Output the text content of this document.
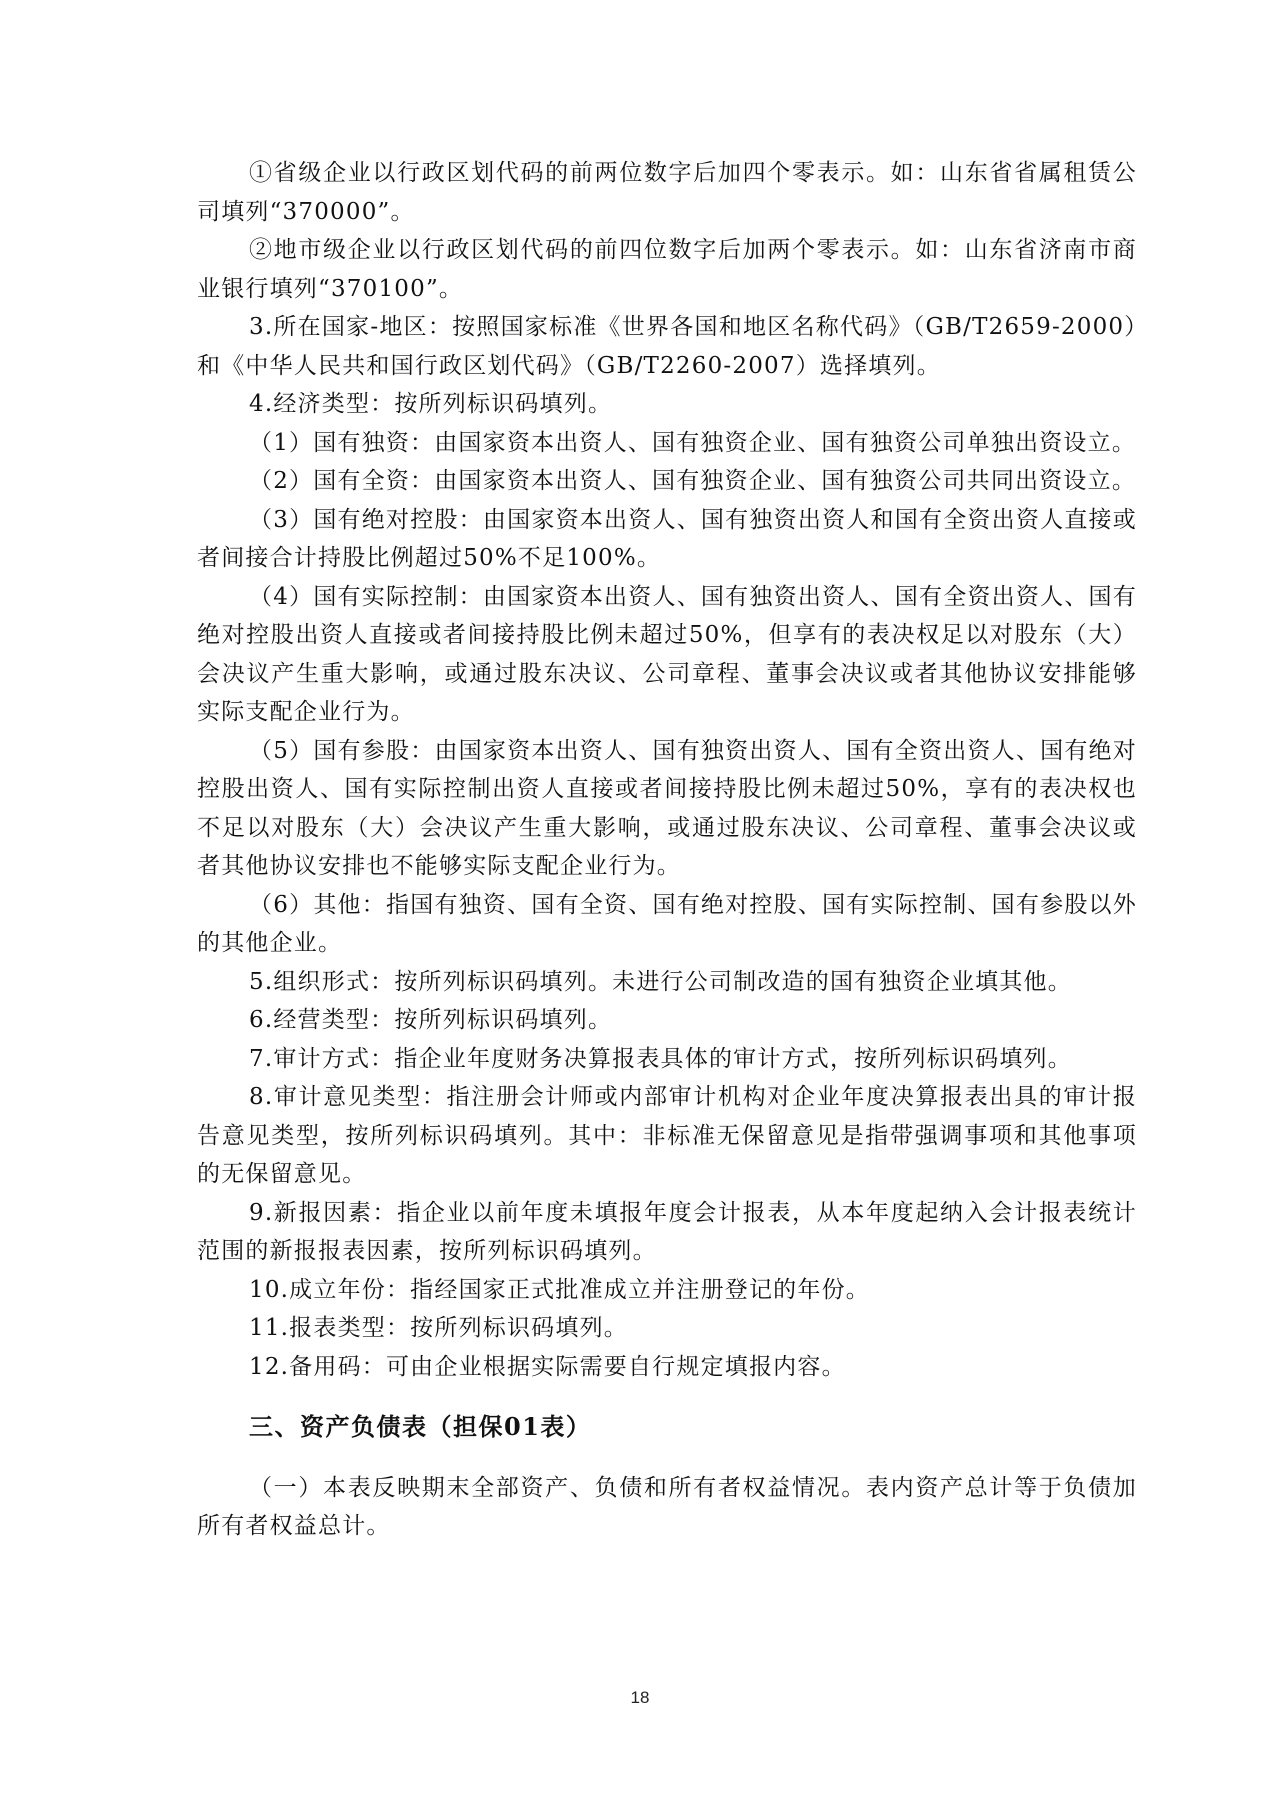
①省级企业以行政区划代码的前两位数字后加四个零表示。如：山东省省属租赁公司填列“370000”。

②地市级企业以行政区划代码的前四位数字后加两个零表示。如：山东省济南市商业银行填列“370100”。

3.所在国家-地区：按照国家标准《世界各国和地区名称代码》（GB/T2659-2000）和《中华人民共和国行政区划代码》（GB/T2260-2007）选择填列。

4.经济类型：按所列标识码填列。

（1）国有独资：由国家资本出资人、国有独资企业、国有独资公司单独出资设立。

（2）国有全资：由国家资本出资人、国有独资企业、国有独资公司共同出资设立。

（3）国有绝对控股：由国家资本出资人、国有独资出资人和国有全资出资人直接或者间接合计持股比例超过50%不足100%。

（4）国有实际控制：由国家资本出资人、国有独资出资人、国有全资出资人、国有绝对控股出资人直接或者间接持股比例未超过50%，但享有的表决权足以对股东（大）会决议产生重大影响，或通过股东决议、公司章程、董事会决议或者其他协议安排能够实际支配企业行为。

（5）国有参股：由国家资本出资人、国有独资出资人、国有全资出资人、国有绝对控股出资人、国有实际控制出资人直接或者间接持股比例未超过50%，享有的表决权也不足以对股东（大）会决议产生重大影响，或通过股东决议、公司章程、董事会决议或者其他协议安排也不能够实际支配企业行为。

（6）其他：指国有独资、国有全资、国有绝对控股、国有实际控制、国有参股以外的其他企业。

5.组织形式：按所列标识码填列。未进行公司制改造的国有独资企业填其他。

6.经营类型：按所列标识码填列。

7.审计方式：指企业年度财务决算报表具体的审计方式，按所列标识码填列。

8.审计意见类型：指注册会计师或内部审计机构对企业年度决算报表出具的审计报告意见类型，按所列标识码填列。其中：非标准无保留意见是指带强调事项和其他事项的无保留意见。

9.新报因素：指企业以前年度未填报年度会计报表，从本年度起纳入会计报表统计范围的新报报表因素，按所列标识码填列。

10.成立年份：指经国家正式批准成立并注册登记的年份。

11.报表类型：按所列标识码填列。

12.备用码：可由企业根据实际需要自行规定填报内容。

三、资产负债表（担保01表）

（一）本表反映期末全部资产、负债和所有者权益情况。表内资产总计等于负债加所有者权益总计。

18
